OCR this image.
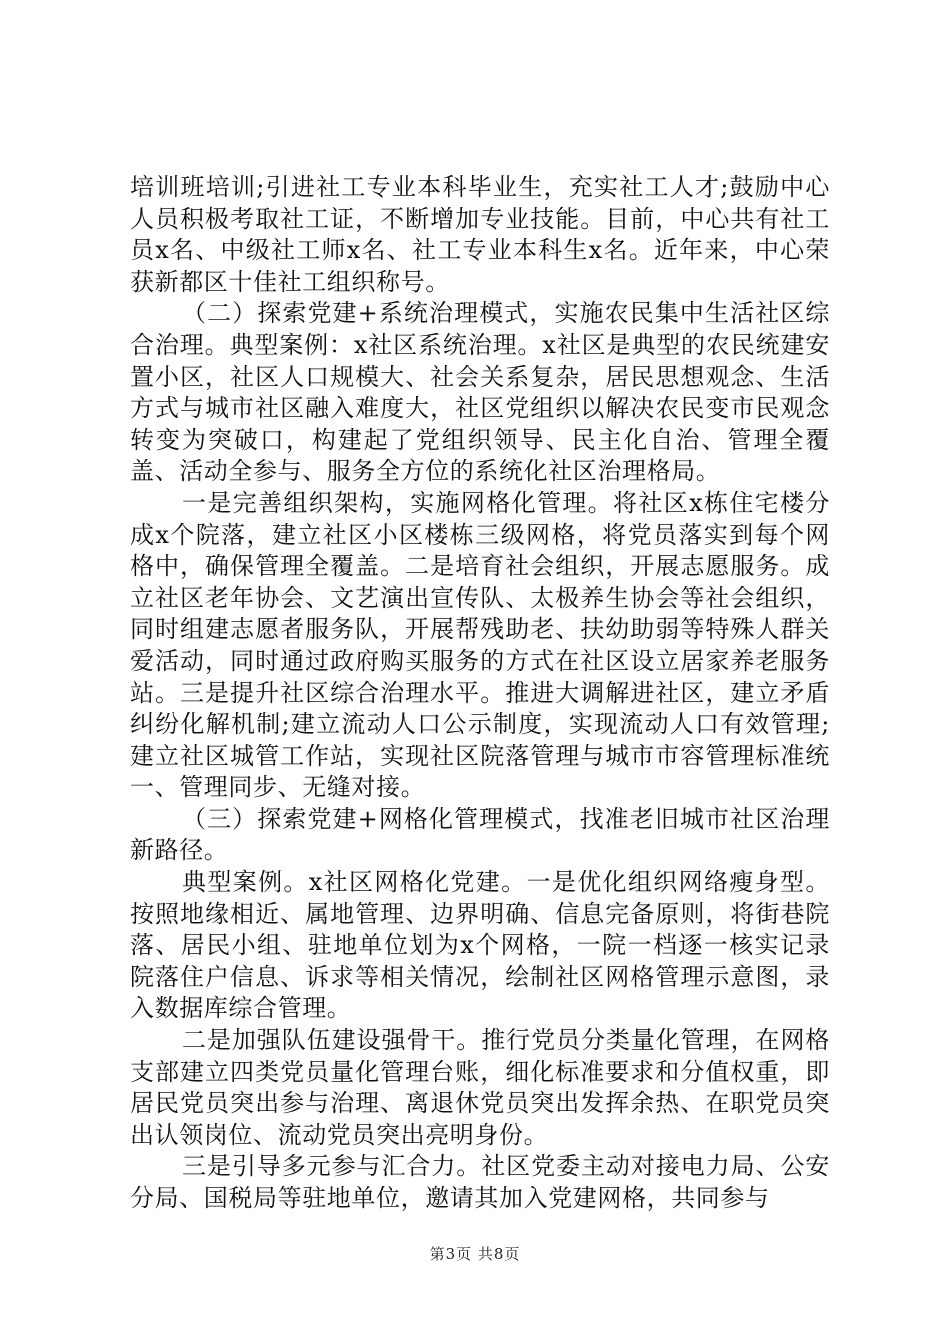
培训班培训;引进社工专业本科毕业生，充实社工人才;鼓励中心人员积极考取社工证，不断增加专业技能。目前，中心共有社工员x名、中级社工师x名、社工专业本科生x名。近年来，中心荣获新都区十佳社工组织称号。

（二）探索党建+系统治理模式，实施农民集中生活社区综合治理。典型案例：x社区系统治理。x社区是典型的农民统建安置小区，社区人口规模大、社会关系复杂，居民思想观念、生活方式与城市社区融入难度大，社区党组织以解决农民变市民观念转变为突破口，构建起了党组织领导、民主化自治、管理全覆盖、活动全参与、服务全方位的系统化社区治理格局。

一是完善组织架构，实施网格化管理。将社区x栋住宅楼分成x个院落，建立社区小区楼栋三级网格，将党员落实到每个网格中，确保管理全覆盖。二是培育社会组织，开展志愿服务。成立社区老年协会、文艺演出宣传队、太极养生协会等社会组织，同时组建志愿者服务队，开展帮残助老、扶幼助弱等特殊人群关爱活动，同时通过政府购买服务的方式在社区设立居家养老服务站。三是提升社区综合治理水平。推进大调解进社区，建立矛盾纠纷化解机制;建立流动人口公示制度，实现流动人口有效管理;建立社区城管工作站，实现社区院落管理与城市市容管理标准统一、管理同步、无缝对接。

（三）探索党建+网格化管理模式，找准老旧城市社区治理新路径。

典型案例。x社区网格化党建。一是优化组织网络瘦身型。按照地缘相近、属地管理、边界明确、信息完备原则，将街巷院落、居民小组、驻地单位划为x个网格，一院一档逐一核实记录院落住户信息、诉求等相关情况，绘制社区网格管理示意图，录入数据库综合管理。

二是加强队伍建设强骨干。推行党员分类量化管理，在网格支部建立四类党员量化管理台账，细化标准要求和分值权重，即居民党员突出参与治理、离退休党员突出发挥余热、在职党员突出认领岗位、流动党员突出亮明身份。

三是引导多元参与汇合力。社区党委主动对接电力局、公安分局、国税局等驻地单位，邀请其加入党建网格，共同参与

第3页 共8页
